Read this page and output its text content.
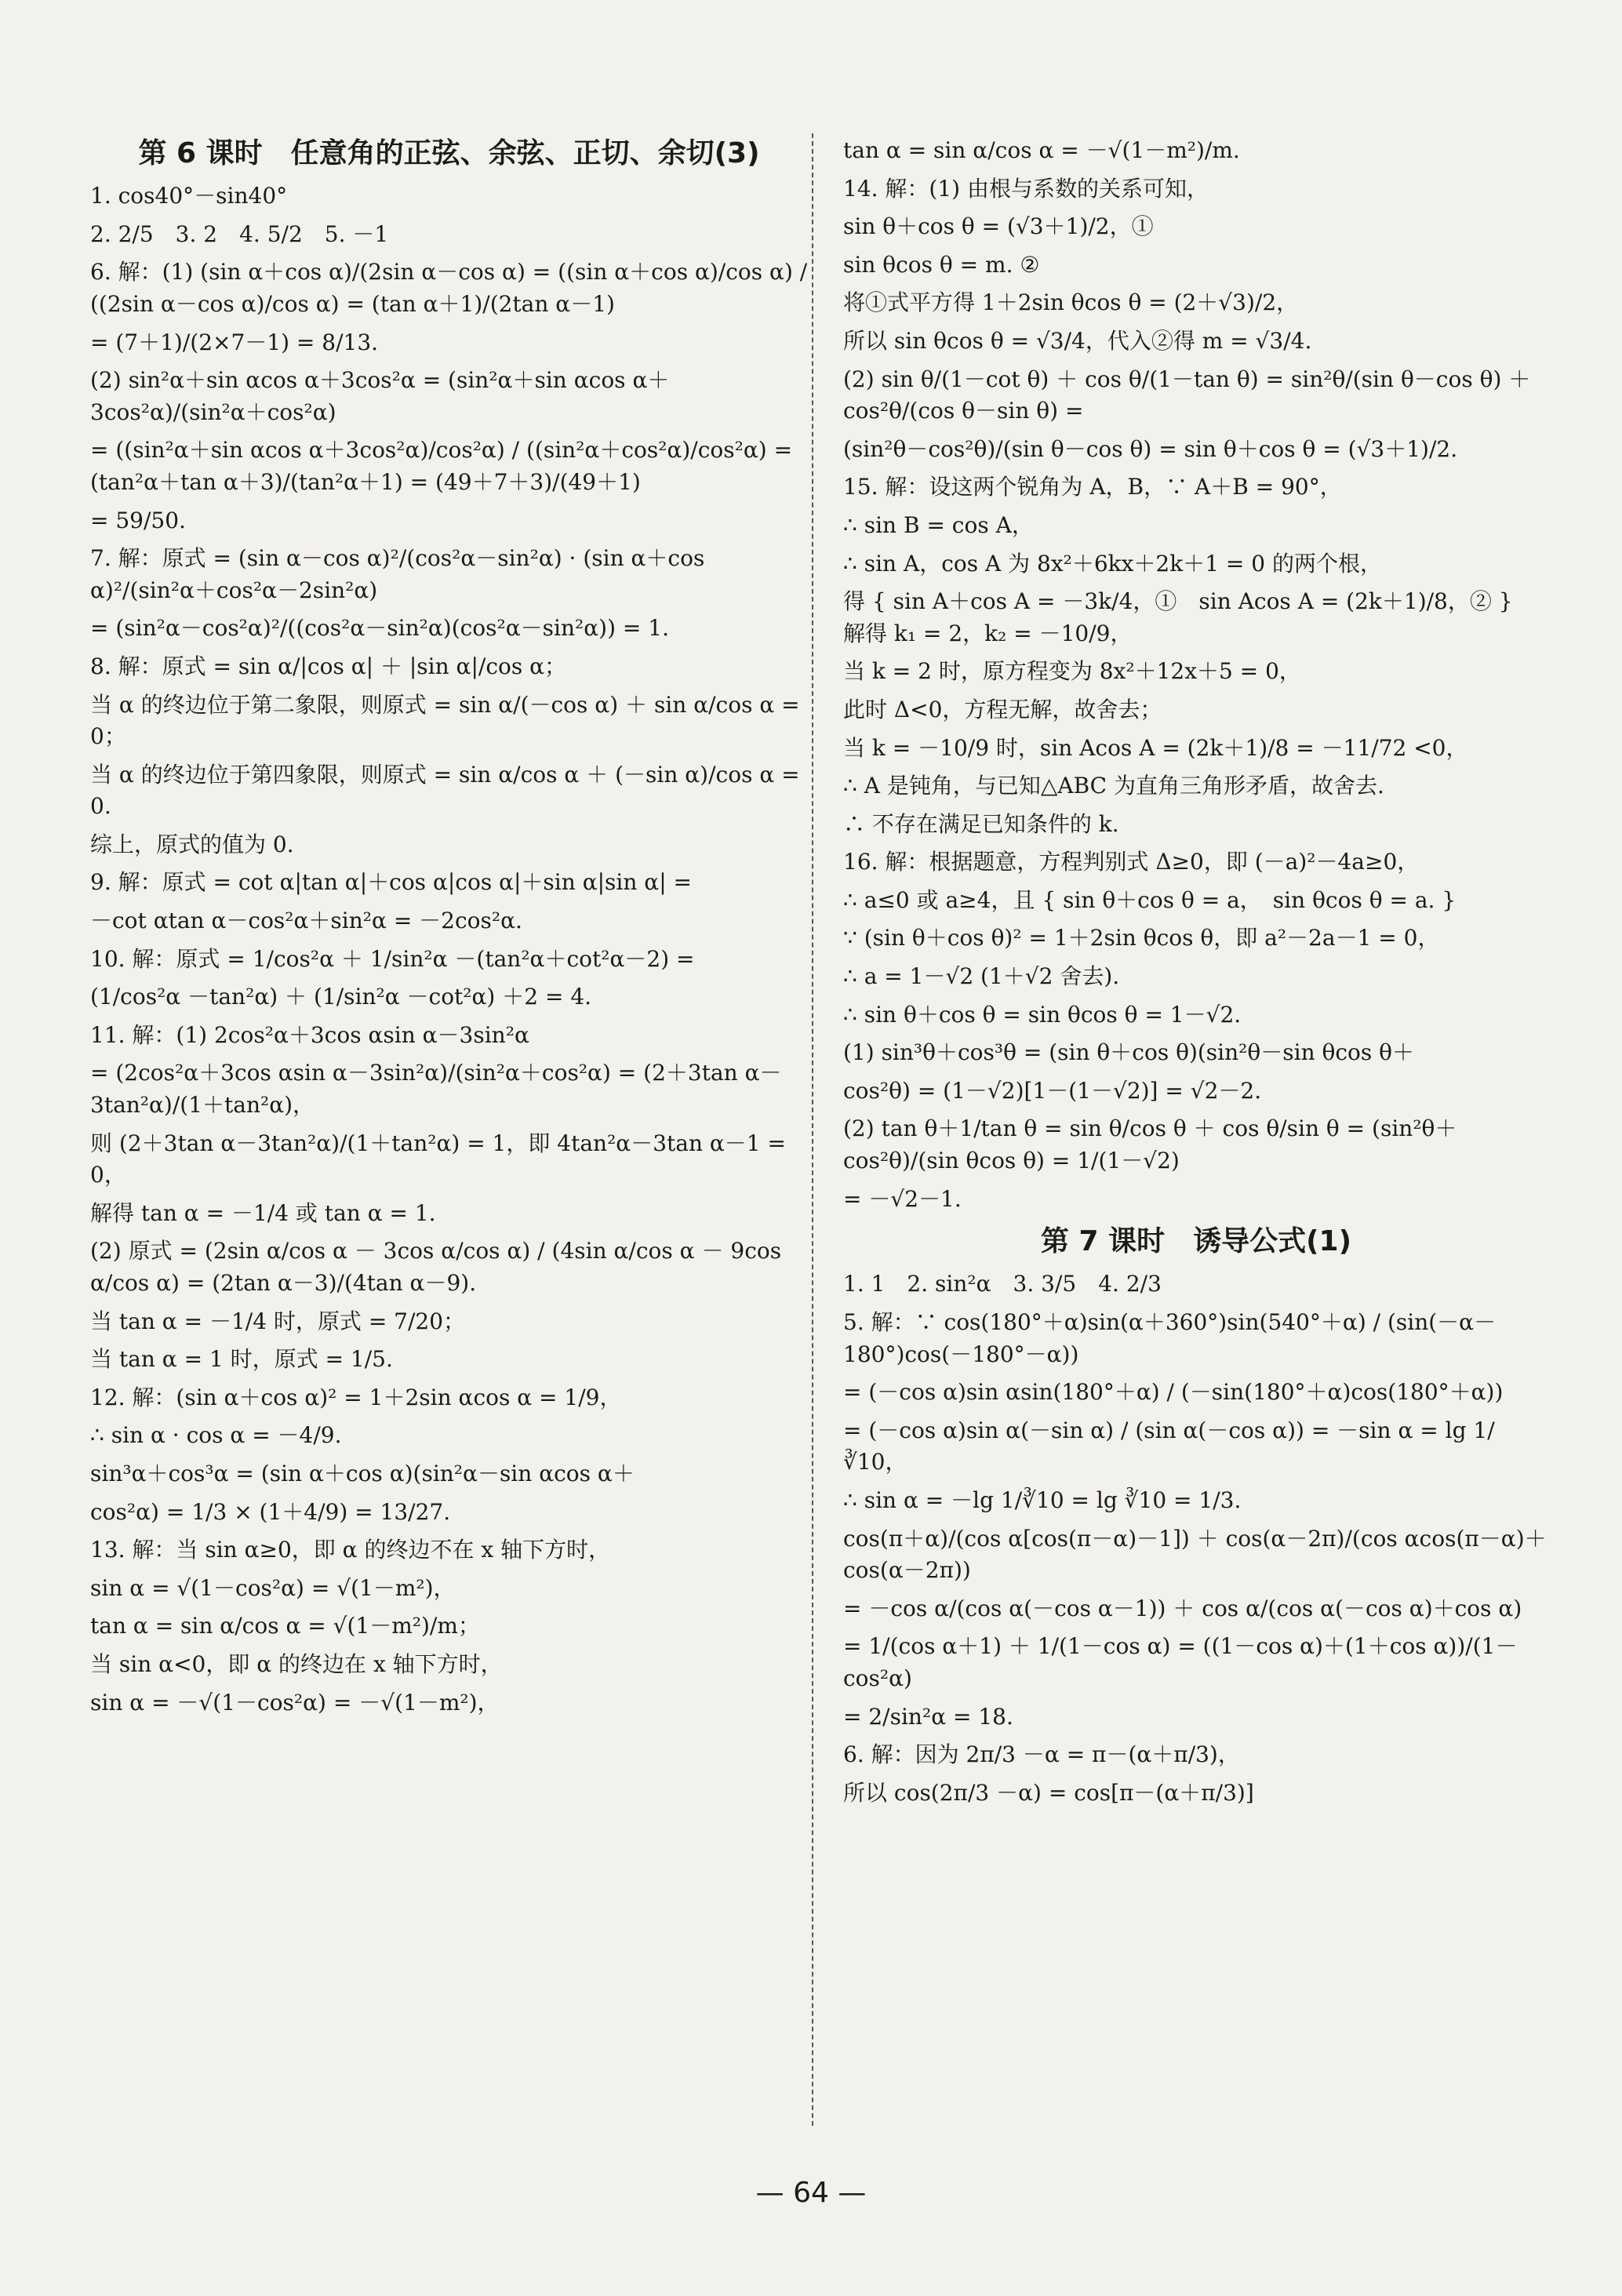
第 6 课时　任意角的正弦、余弦、正切、余切(3)
1. cos40°－sin40°
2. 2/5　3. 2　4. 5/2　5. －1
6. 解：(1) (sin α＋cos α)/(2sin α－cos α) = ((sin α＋cos α)/cos α) / ((2sin α－cos α)/cos α) = (tan α＋1)/(2tan α－1)
= (7＋1)/(2×7－1) = 8/13.
(2) sin²α＋sin αcos α＋3cos²α = (sin²α＋sin αcos α＋3cos²α)/(sin²α＋cos²α)
= ((sin²α＋sin αcos α＋3cos²α)/cos²α) / ((sin²α＋cos²α)/cos²α) = (tan²α＋tan α＋3)/(tan²α＋1) = (49＋7＋3)/(49＋1)
= 59/50.
7. 解：原式 = (sin α－cos α)²/(cos²α－sin²α) · (sin α＋cos α)²/(sin²α＋cos²α－2sin²α)
= (sin²α－cos²α)²/((cos²α－sin²α)(cos²α－sin²α)) = 1.
8. 解：原式 = sin α/|cos α| ＋ |sin α|/cos α；
当 α 的终边位于第二象限，则原式 = sin α/(－cos α) ＋ sin α/cos α = 0；
当 α 的终边位于第四象限，则原式 = sin α/cos α ＋ (－sin α)/cos α = 0.
综上，原式的值为 0.
9. 解：原式 = cot α|tan α|＋cos α|cos α|＋sin α|sin α| =
－cot αtan α－cos²α＋sin²α = －2cos²α.
10. 解：原式 = 1/cos²α ＋ 1/sin²α －(tan²α＋cot²α－2) =
(1/cos²α －tan²α) ＋ (1/sin²α －cot²α) ＋2 = 4.
11. 解：(1) 2cos²α＋3cos αsin α－3sin²α
= (2cos²α＋3cos αsin α－3sin²α)/(sin²α＋cos²α) = (2＋3tan α－3tan²α)/(1＋tan²α)，
则 (2＋3tan α－3tan²α)/(1＋tan²α) = 1，即 4tan²α－3tan α－1 = 0，
解得 tan α = －1/4 或 tan α = 1.
(2) 原式 = (2sin α/cos α － 3cos α/cos α) / (4sin α/cos α － 9cos α/cos α) = (2tan α－3)/(4tan α－9).
当 tan α = －1/4 时，原式 = 7/20；
当 tan α = 1 时，原式 = 1/5.
12. 解：(sin α＋cos α)² = 1＋2sin αcos α = 1/9，
∴ sin α · cos α = －4/9.
sin³α＋cos³α = (sin α＋cos α)(sin²α－sin αcos α＋
cos²α) = 1/3 × (1＋4/9) = 13/27.
13. 解：当 sin α≥0，即 α 的终边不在 x 轴下方时，
sin α = √(1－cos²α) = √(1－m²)，
tan α = sin α/cos α = √(1－m²)/m；
当 sin α<0，即 α 的终边在 x 轴下方时，
sin α = －√(1－cos²α) = －√(1－m²)，
tan α = sin α/cos α = －√(1－m²)/m.
14. 解：(1) 由根与系数的关系可知，
sin θ＋cos θ = (√3＋1)/2，①
sin θcos θ = m. ②
将①式平方得 1＋2sin θcos θ = (2＋√3)/2，
所以 sin θcos θ = √3/4，代入②得 m = √3/4.
(2) sin θ/(1－cot θ) ＋ cos θ/(1－tan θ) = sin²θ/(sin θ－cos θ) ＋ cos²θ/(cos θ－sin θ) =
(sin²θ－cos²θ)/(sin θ－cos θ) = sin θ＋cos θ = (√3＋1)/2.
15. 解：设这两个锐角为 A，B，∵ A＋B = 90°，
∴ sin B = cos A，
∴ sin A，cos A 为 8x²＋6kx＋2k＋1 = 0 的两个根，
得 { sin A＋cos A = －3k/4，①　sin Acos A = (2k＋1)/8，② }　解得 k₁ = 2，k₂ = －10/9，
当 k = 2 时，原方程变为 8x²＋12x＋5 = 0，
此时 Δ<0，方程无解，故舍去；
当 k = －10/9 时，sin Acos A = (2k＋1)/8 = －11/72 <0，
∴ A 是钝角，与已知△ABC 为直角三角形矛盾，故舍去.
∴ 不存在满足已知条件的 k.
16. 解：根据题意，方程判别式 Δ≥0，即 (－a)²－4a≥0，
∴ a≤0 或 a≥4，且 { sin θ＋cos θ = a，　sin θcos θ = a. }
∵ (sin θ＋cos θ)² = 1＋2sin θcos θ，即 a²－2a－1 = 0，
∴ a = 1－√2 (1＋√2 舍去).
∴ sin θ＋cos θ = sin θcos θ = 1－√2.
(1) sin³θ＋cos³θ = (sin θ＋cos θ)(sin²θ－sin θcos θ＋
cos²θ) = (1－√2)[1－(1－√2)] = √2－2.
(2) tan θ＋1/tan θ = sin θ/cos θ ＋ cos θ/sin θ = (sin²θ＋cos²θ)/(sin θcos θ) = 1/(1－√2)
= －√2－1.
第 7 课时　诱导公式(1)
1. 1　2. sin²α　3. 3/5　4. 2/3
5. 解：∵ cos(180°＋α)sin(α＋360°)sin(540°＋α) / (sin(－α－180°)cos(－180°－α))
= (－cos α)sin αsin(180°＋α) / (－sin(180°＋α)cos(180°＋α))
= (－cos α)sin α(－sin α) / (sin α(－cos α)) = －sin α = lg 1/∛10，
∴ sin α = －lg 1/∛10 = lg ∛10 = 1/3.
cos(π＋α)/(cos α[cos(π－α)－1]) ＋ cos(α－2π)/(cos αcos(π－α)＋cos(α－2π))
= －cos α/(cos α(－cos α－1)) ＋ cos α/(cos α(－cos α)＋cos α)
= 1/(cos α＋1) ＋ 1/(1－cos α) = ((1－cos α)＋(1＋cos α))/(1－cos²α)
= 2/sin²α = 18.
6. 解：因为 2π/3 －α = π－(α＋π/3)，
所以 cos(2π/3 －α) = cos[π－(α＋π/3)]
— 64 —
